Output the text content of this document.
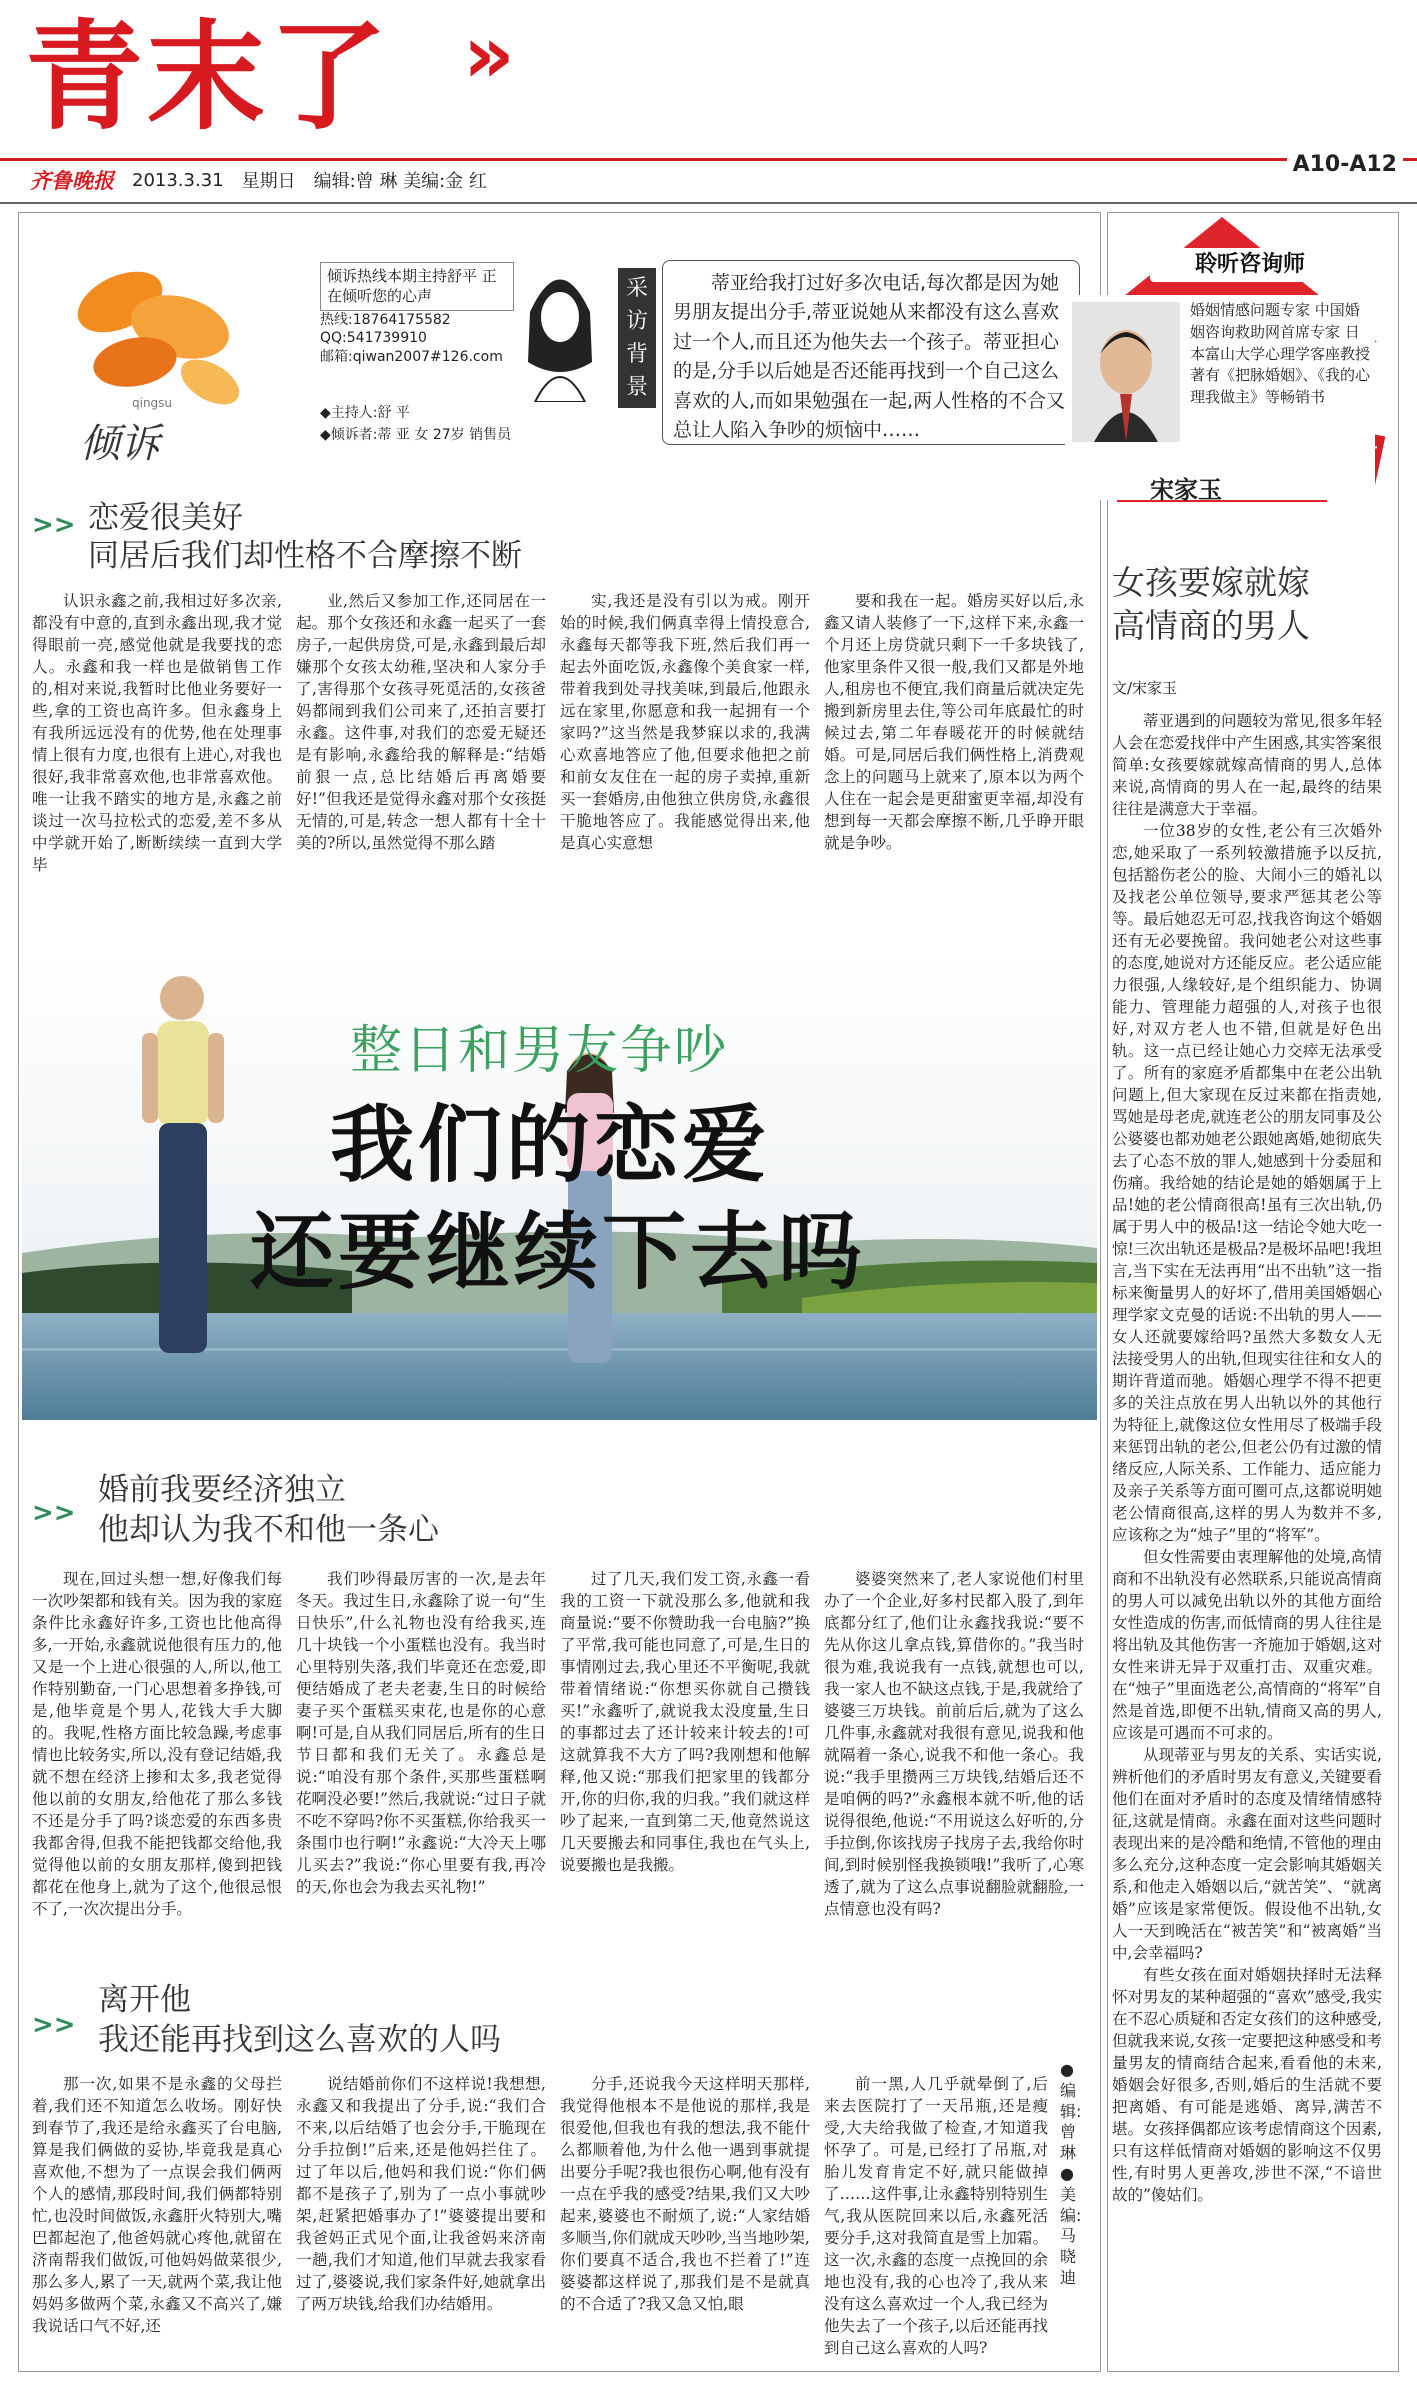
青末了 »
齐鲁晚报 2013.3.31 星期日 编辑:曾 琳 美编:金 红
A10-A12
qingsu
倾诉
倾诉热线本期主持舒平 正在倾听您的心声
热线:18764175582
QQ:541739910
邮箱:qiwan2007#126.com
◆主持人:舒 平
◆倾诉者:蒂 亚 女 27岁 销售员
采访背景
蒂亚给我打过好多次电话,每次都是因为她男朋友提出分手,蒂亚说她从来都没有这么喜欢过一个人,而且还为他失去一个孩子。蒂亚担心的是,分手以后她是否还能再找到一个自己这么喜欢的人,而如果勉强在一起,两人性格的不合又总让人陷入争吵的烦恼中……
>> 恋爱很美好
同居后我们却性格不合摩擦不断
认识永鑫之前,我相过好多次亲,都没有中意的,直到永鑫出现,我才觉得眼前一亮,感觉他就是我要找的恋人。永鑫和我一样也是做销售工作的,相对来说,我暂时比他业务要好一些,拿的工资也高许多。但永鑫身上有我所远远没有的优势,他在处理事情上很有力度,也很有上进心,对我也很好,我非常喜欢他,也非常喜欢他。唯一让我不踏实的地方是,永鑫之前谈过一次马拉松式的恋爱,差不多从中学就开始了,断断续续一直到大学毕
业,然后又参加工作,还同居在一起。那个女孩还和永鑫一起买了一套房子,一起供房贷,可是,永鑫到最后却嫌那个女孩太幼稚,坚决和人家分手了,害得那个女孩寻死觅活的,女孩爸妈都闹到我们公司来了,还拍言要打永鑫。这件事,对我们的恋爱无疑还是有影响,永鑫给我的解释是:“结婚前狠一点,总比结婚后再离婚要好!”但我还是觉得永鑫对那个女孩挺无情的,可是,转念一想人都有十全十美的?所以,虽然觉得不那么踏
实,我还是没有引以为戒。刚开始的时候,我们俩真幸得上情投意合,永鑫每天都等我下班,然后我们再一起去外面吃饭,永鑫像个美食家一样,带着我到处寻找美味,到最后,他跟永远在家里,你愿意和我一起拥有一个家吗?”这当然是我梦寐以求的,我满心欢喜地答应了他,但要求他把之前和前女友住在一起的房子卖掉,重新买一套婚房,由他独立供房贷,永鑫很干脆地答应了。我能感觉得出来,他是真心实意想
要和我在一起。婚房买好以后,永鑫又请人装修了一下,这样下来,永鑫一个月还上房贷就只剩下一千多块钱了,他家里条件又很一般,我们又都是外地人,租房也不便宜,我们商量后就决定先搬到新房里去住,等公司年底最忙的时候过去,第二年春暖花开的时候就结婚。可是,同居后我们俩性格上,消费观念上的问题马上就来了,原本以为两个人住在一起会是更甜蜜更幸福,却没有想到每一天都会摩擦不断,几乎睁开眼就是争吵。
整日和男友争吵
我们的恋爱
还要继续下去吗
>>
婚前我要经济独立
他却认为我不和他一条心
现在,回过头想一想,好像我们每一次吵架都和钱有关。因为我的家庭条件比永鑫好许多,工资也比他高得多,一开始,永鑫就说他很有压力的,他又是一个上进心很强的人,所以,他工作特别勤奋,一门心思想着多挣钱,可是,他毕竟是个男人,花钱大手大脚的。我呢,性格方面比较急躁,考虑事情也比较务实,所以,没有登记结婚,我就不想在经济上掺和太多,我老觉得他以前的女朋友,给他花了那么多钱不还是分手了吗?谈恋爱的东西多贵我都舍得,但我不能把钱都交给他,我觉得他以前的女朋友那样,傻到把钱都花在他身上,就为了这个,他很忌恨不了,一次次提出分手。
我们吵得最厉害的一次,是去年冬天。我过生日,永鑫除了说一句“生日快乐”,什么礼物也没有给我买,连几十块钱一个小蛋糕也没有。我当时心里特别失落,我们毕竟还在恋爱,即便结婚成了老夫老妻,生日的时候给妻子买个蛋糕买束花,也是你的心意啊!可是,自从我们同居后,所有的生日节日都和我们无关了。永鑫总是说:“咱没有那个条件,买那些蛋糕啊花啊没必要!”然后,我就说:“过日子就不吃不穿吗?你不买蛋糕,你给我买一条围巾也行啊!”永鑫说:“大冷天上哪儿买去?”我说:“你心里要有我,再冷的天,你也会为我去买礼物!”
过了几天,我们发工资,永鑫一看我的工资一下就没那么多,他就和我商量说:“要不你赞助我一台电脑?”换了平常,我可能也同意了,可是,生日的事情刚过去,我心里还不平衡呢,我就带着情绪说:“你想买你就自己攒钱买!”永鑫听了,就说我太没度量,生日的事都过去了还计较来计较去的!可这就算我不大方了吗?我刚想和他解释,他又说:“那我们把家里的钱都分开,你的归你,我的归我。”我们就这样吵了起来,一直到第二天,他竟然说这几天要搬去和同事住,我也在气头上,说要搬也是我搬。
婆婆突然来了,老人家说他们村里办了一个企业,好多村民都入股了,到年底都分红了,他们让永鑫找我说:“要不先从你这儿拿点钱,算借你的。”我当时很为难,我说我有一点钱,就想也可以,我一家人也不缺这点钱,于是,我就给了婆婆三万块钱。前前后后,就为了这么几件事,永鑫就对我很有意见,说我和他就隔着一条心,说我不和他一条心。我说:“我手里攒两三万块钱,结婚后还不是咱俩的吗?”永鑫根本就不听,他的话说得很绝,他说:“不用说这么好听的,分手拉倒,你该找房子找房子去,我给你时间,到时候别怪我换锁哦!”我听了,心寒透了,就为了这么点事说翻脸就翻脸,一点情意也没有吗?
>>
离开他
我还能再找到这么喜欢的人吗
那一次,如果不是永鑫的父母拦着,我们还不知道怎么收场。刚好快到春节了,我还是给永鑫买了台电脑,算是我们俩做的妥协,毕竟我是真心喜欢他,不想为了一点误会我们俩两个人的感情,那段时间,我们俩都特别忙,也没时间做饭,永鑫肝火特别大,嘴巴都起泡了,他爸妈就心疼他,就留在济南帮我们做饭,可他妈妈做菜很少,那么多人,累了一天,就两个菜,我让他妈妈多做两个菜,永鑫又不高兴了,嫌我说话口气不好,还
说结婚前你们不这样说!我想想,永鑫又和我提出了分手,说:“我们合不来,以后结婚了也会分手,干脆现在分手拉倒!”后来,还是他妈拦住了。过了年以后,他妈和我们说:“你们俩都不是孩子了,别为了一点小事就吵架,赶紧把婚事办了!”婆婆提出要和我爸妈正式见个面,让我爸妈来济南一趟,我们才知道,他们早就去我家看过了,婆婆说,我们家条件好,她就拿出了两万块钱,给我们办结婚用。
分手,还说我今天这样明天那样,我觉得他根本不是他说的那样,我是很爱他,但我也有我的想法,我不能什么都顺着他,为什么他一遇到事就提出要分手呢?我也很伤心啊,他有没有一点在乎我的感受?结果,我们又大吵起来,婆婆也不耐烦了,说:“人家结婚多顺当,你们就成天吵吵,当当地吵架,你们要真不适合,我也不拦着了!”连婆婆都这样说了,那我们是不是就真的不合适了?我又急又怕,眼
前一黑,人几乎就晕倒了,后来去医院打了一天吊瓶,还是瘦受,大夫给我做了检查,才知道我怀孕了。可是,已经打了吊瓶,对胎儿发育肯定不好,就只能做掉了……这件事,让永鑫特别特别生气,我从医院回来以后,永鑫死活要分手,这对我简直是雪上加霜。这一次,永鑫的态度一点挽回的余地也没有,我的心也冷了,我从来没有这么喜欢过一个人,我已经为他失去了一个孩子,以后还能再找到自己这么喜欢的人吗?
聆听咨询师
婚姻情感问题专家 中国婚姻咨询救助网首席专家 日本富山大学心理学客座教授 著有《把脉婚姻》、《我的心理我做主》等畅销书
宋家玉
女孩要嫁就嫁
高情商的男人
文/宋家玉

蒂亚遇到的问题较为常见,很多年轻人会在恋爱找伴中产生困惑,其实答案很简单:女孩要嫁就嫁高情商的男人,总体来说,高情商的男人在一起,最终的结果往往是满意大于幸福。

一位38岁的女性,老公有三次婚外恋,她采取了一系列较激措施予以反抗,包括豁伤老公的脸、大闹小三的婚礼以及找老公单位领导,要求严惩其老公等等。最后她忍无可忍,找我咨询这个婚姻还有无必要挽留。我问她老公对这些事的态度,她说对方还能反应。老公适应能力很强,人缘较好,是个组织能力、协调能力、管理能力超强的人,对孩子也很好,对双方老人也不错,但就是好色出轨。这一点已经让她心力交瘁无法承受了。所有的家庭矛盾都集中在老公出轨问题上,但大家现在反过来都在指责她,骂她是母老虎,就连老公的朋友同事及公公婆婆也都劝她老公跟她离婚,她彻底失去了心态不放的罪人,她感到十分委屈和伤痛。我给她的结论是她的婚姻属于上品!她的老公情商很高!虽有三次出轨,仍属于男人中的极品!这一结论令她大吃一惊!三次出轨还是极品?是极坏品吧!我坦言,当下实在无法再用“出不出轨”这一指标来衡量男人的好坏了,借用美国婚姻心理学家文克曼的话说:不出轨的男人——女人还就要嫁给吗?虽然大多数女人无法接受男人的出轨,但现实往往和女人的期许背道而驰。婚姻心理学不得不把更多的关注点放在男人出轨以外的其他行为特征上,就像这位女性用尽了极端手段来惩罚出轨的老公,但老公仍有过激的情绪反应,人际关系、工作能力、适应能力及亲子关系等方面可圈可点,这都说明她老公情商很高,这样的男人为数并不多,应该称之为“烛子”里的“将军”。

但女性需要由衷理解他的处境,高情商和不出轨没有必然联系,只能说高情商的男人可以减免出轨以外的其他方面给女性造成的伤害,而低情商的男人往往是将出轨及其他伤害一齐施加于婚姻,这对女性来讲无异于双重打击、双重灾难。在“烛子”里面选老公,高情商的“将军”自然是首选,即便不出轨,情商又高的男人,应该是可遇而不可求的。

从现蒂亚与男友的关系、实话实说,辨析他们的矛盾时男友有意义,关键要看他们在面对矛盾时的态度及情绪情感特征,这就是情商。永鑫在面对这些问题时表现出来的是冷酷和绝情,不管他的理由多么充分,这种态度一定会影响其婚姻关系,和他走入婚姻以后,“就苦笑”、“就离婚”应该是家常便饭。假设他不出轨,女人一天到晚活在“被苦笑”和“被离婚”当中,会幸福吗?

有些女孩在面对婚姻抉择时无法释怀对男友的某种超强的“喜欢”感受,我实在不忍心质疑和否定女孩们的这种感受,但就我来说,女孩一定要把这种感受和考量男友的情商结合起来,看看他的未来,婚姻会好很多,否则,婚后的生活就不要把离婚、有可能是逃婚、离异,满苦不堪。女孩择偶都应该考虑情商这个因素,只有这样低情商对婚姻的影响这不仅男性,有时男人更善攻,涉世不深,“不谙世故的”傻姑们。

●编辑:曾 琳 ●美编:马晓迪
